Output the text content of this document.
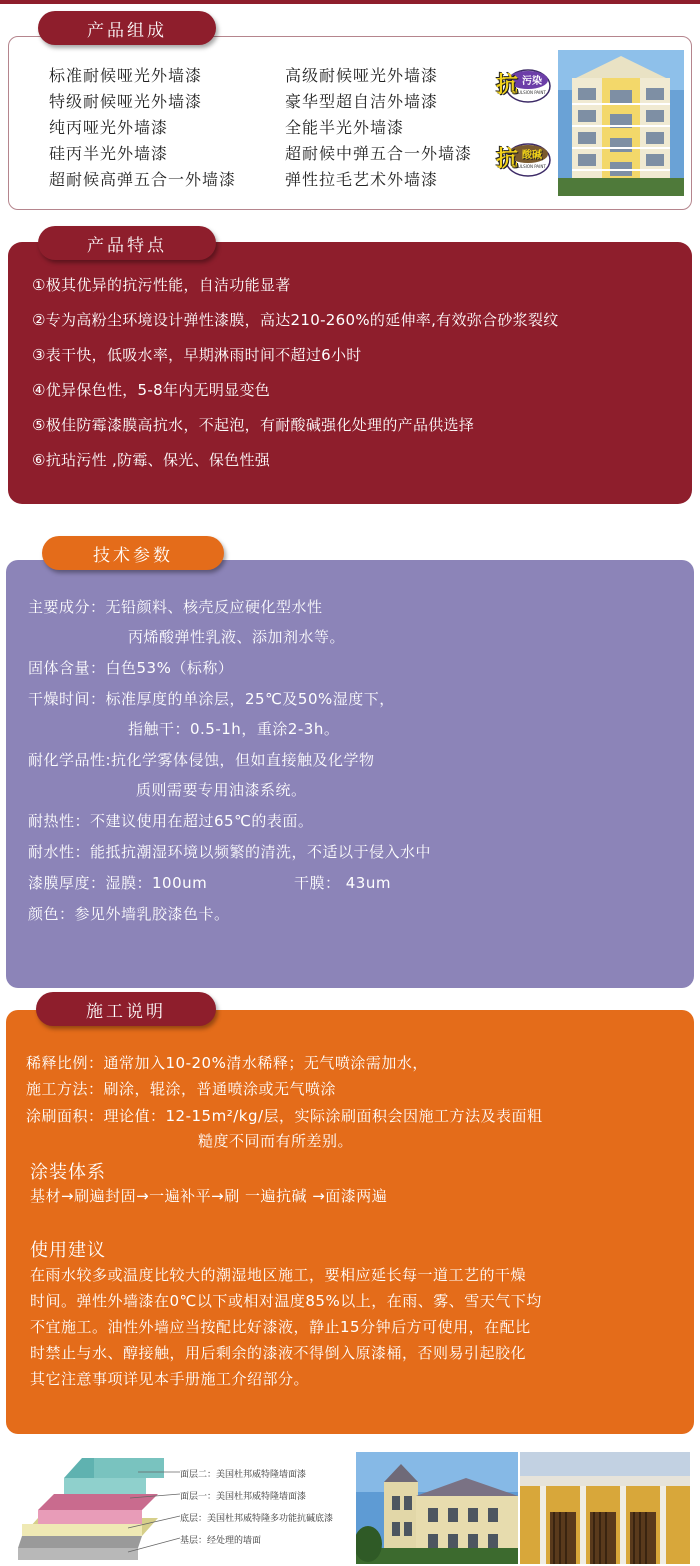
产品组成
标准耐候哑光外墙漆
特级耐候哑光外墙漆
纯丙哑光外墙漆
硅丙半光外墙漆
超耐候高弹五合一外墙漆
高级耐候哑光外墙漆
豪华型超自洁外墙漆
全能半光外墙漆
超耐候中弹五合一外墙漆
弹性拉毛艺术外墙漆
抗 污染
EMULSION PAINT
抗 酸碱
EMULSION PAINT
产品特点
①极其优异的抗污性能，自洁功能显著
②专为高粉尘环境设计弹性漆膜，高达210-260%的延伸率,有效弥合砂浆裂纹
③表干快，低吸水率，早期淋雨时间不超过6小时
④优异保色性，5-8年内无明显变色
⑤极佳防霉漆膜高抗水，不起泡，有耐酸碱强化处理的产品供选择
⑥抗玷污性 ,防霉、保光、保色性强
技术参数
主要成分：无铅颜料、核壳反应硬化型水性
丙烯酸弹性乳液、添加剂水等。
固体含量：白色53%（标称）
干燥时间：标准厚度的单涂层，25℃及50%湿度下，
指触干：0.5-1h，重涂2-3h。
耐化学品性:抗化学雾体侵蚀，但如直接触及化学物
质则需要专用油漆系统。
耐热性：不建议使用在超过65℃的表面。
耐水性：能抵抗潮湿环境以频繁的清洗，不适以于侵入水中
漆膜厚度：湿膜：100um	干膜： 43um
颜色：参见外墙乳胶漆色卡。
施工说明
稀释比例：通常加入10-20%清水稀释；无气喷涂需加水，
施工方法：刷涂，辊涂，普通喷涂或无气喷涂
涂刷面积：理论值：12-15m²/kg/层，实际涂刷面积会因施工方法及表面粗
糙度不同而有所差别。
涂装体系
基材→刷遍封固→一遍补平→刷 一遍抗碱 →面漆两遍
使用建议
在雨水较多或温度比较大的潮湿地区施工，要相应延长每一道工艺的干燥
时间。弹性外墙漆在0℃以下或相对温度85%以上，在雨、雾、雪天气下均
不宜施工。油性外墙应当按配比好漆液，静止15分钟后方可使用，在配比
时禁止与水、醇接触，用后剩余的漆液不得倒入原漆桶，否则易引起胶化
其它注意事项详见本手册施工介绍部分。
面层二：美国杜邦威特隆墙面漆
面层一：美国杜邦威特隆墙面漆
底层：美国杜邦威特隆多功能抗碱底漆
基层：经处理的墙面
